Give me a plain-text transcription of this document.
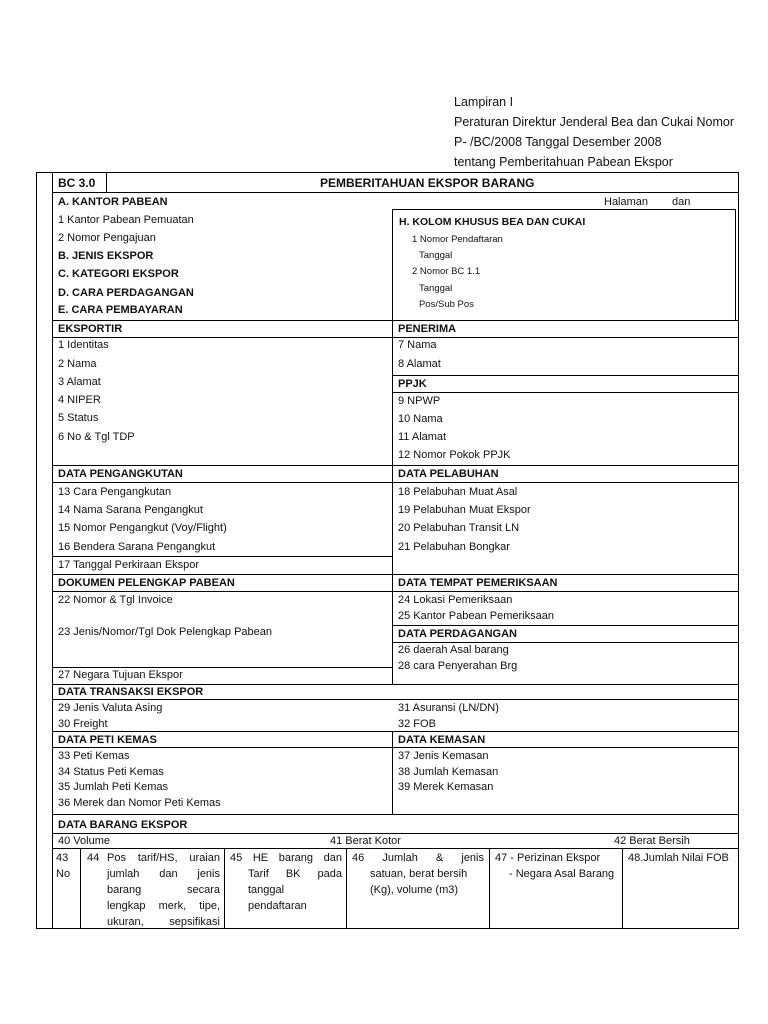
Lampiran I
Peraturan Direktur Jenderal Bea dan Cukai Nomor
P- /BC/2008 Tanggal Desember 2008
tentang Pemberitahuan Pabean Ekspor
BC 3.0	PEMBERITAHUAN EKSPOR BARANG
A. KANTOR PABEAN	Halaman dan
1 Kantor Pabean Pemuatan
2 Nomor Pengajuan
B. JENIS EKSPOR
C. KATEGORI EKSPOR
D. CARA PERDAGANGAN
E. CARA PEMBAYARAN
H. KOLOM KHUSUS BEA DAN CUKAI
1 Nomor Pendaftaran
Tanggal
2 Nomor BC 1.1
Tanggal
Pos/Sub Pos
EKSPORTIR
1 Identitas
2 Nama
3 Alamat
4 NIPER
5 Status
6 No & Tgl TDP
PENERIMA
7 Nama
8 Alamat
PPJK
9 NPWP
10 Nama
11 Alamat
12 Nomor Pokok PPJK
DATA PENGANGKUTAN
13 Cara Pengangkutan
14 Nama Sarana Pengangkut
15 Nomor Pengangkut (Voy/Flight)
16 Bendera Sarana Pengangkut
17 Tanggal Perkiraan Ekspor
DATA PELABUHAN
18 Pelabuhan Muat Asal
19 Pelabuhan Muat Ekspor
20 Pelabuhan Transit LN
21 Pelabuhan Bongkar
DOKUMEN PELENGKAP PABEAN
22 Nomor & Tgl Invoice
23 Jenis/Nomor/Tgl Dok Pelengkap Pabean
27 Negara Tujuan Ekspor
DATA TEMPAT PEMERIKSAAN
24 Lokasi Pemeriksaan
25 Kantor Pabean Pemeriksaan
DATA PERDAGANGAN
26 daerah Asal barang
28 cara Penyerahan Brg
DATA TRANSAKSI EKSPOR
29 Jenis Valuta Asing
30 Freight
31 Asuransi (LN/DN)
32 FOB
DATA PETI KEMAS
33 Peti Kemas
34 Status Peti Kemas
35 Jumlah Peti Kemas
36 Merek dan Nomor Peti Kemas
DATA KEMASAN
37 Jenis Kemasan
38 Jumlah Kemasan
39 Merek Kemasan
DATA BARANG EKSPOR
40 Volume	41 Berat Kotor	42 Berat Bersih
43
No
44 Pos tarif/HS, uraian
jumlah dan jenis
barang secara
lengkap merk, tipe,
ukuran, sepsifikasi
45 HE barang dan
Tarif BK pada
tanggal
pendaftaran
46 Jumlah & jenis
satuan, berat bersih
(Kg), volume (m3)
47 - Perizinan Ekspor
- Negara Asal Barang
48.Jumlah Nilai FOB
